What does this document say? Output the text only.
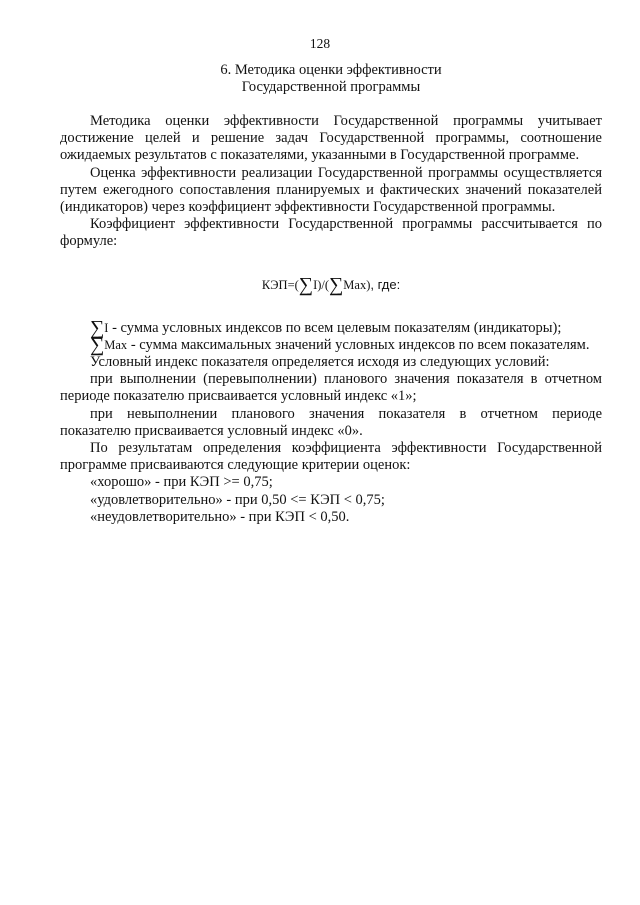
128
6. Методика оценки эффективности
Государственной программы

Методика оценки эффективности Государственной программы учитывает достижение целей и решение задач Государственной программы, соотношение ожидаемых результатов с показателями, указанными в Государственной программе.

Оценка эффективности реализации Государственной программы осуществляется путем ежегодного сопоставления планируемых и фактических значений показателей (индикаторов) через коэффициент эффективности Государственной программы.

Коэффициент эффективности Государственной программы рассчитывается по формуле:

КЭП=(∑I)/(∑Max), где:

∑I - сумма условных индексов по всем целевым показателям (индикаторы);

∑Max - сумма максимальных значений условных индексов по всем показателям.

Условный индекс показателя определяется исходя из следующих условий:

при выполнении (перевыполнении) планового значения показателя в отчетном периоде показателю присваивается условный индекс «1»;

при невыполнении планового значения показателя в отчетном периоде показателю присваивается условный индекс «0».

По результатам определения коэффициента эффективности Государственной программе присваиваются следующие критерии оценок:

«хорошо» - при КЭП >= 0,75;

«удовлетворительно» - при 0,50 <= КЭП < 0,75;

«неудовлетворительно» - при КЭП < 0,50.
